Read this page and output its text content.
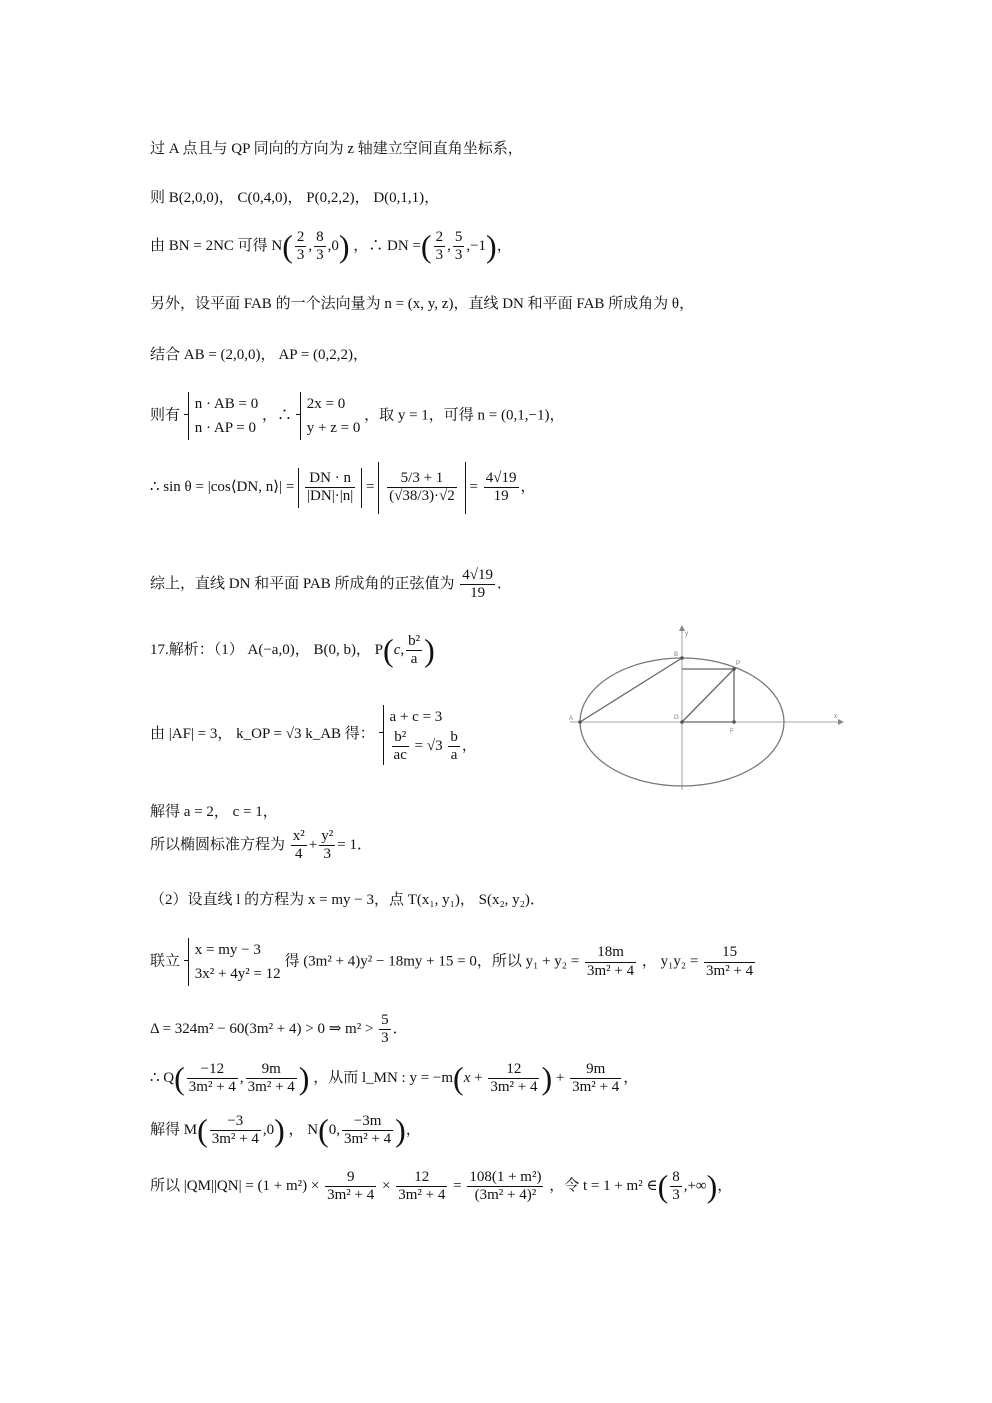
过 A 点且与 QP 同向的方向为 z 轴建立空间直角坐标系，
则 B(2,0,0)， C(0,4,0)， P(0,2,2)， D(0,1,1)，
由 BN = 2NC 可得 $N( \frac{2}{3}$ , $\frac{8}{3} ,0$) ，∴ DN =( $\frac{2}{3}$ , $\frac{5}{3} ,-1$)，
另外，设平面 FAB 的一个法向量为 n = (x, y, z)，直线 DN 和平面 FAB 所成角为 θ，
结合 AB = (2,0,0)， AP = (0,2,2)，
则有
n · AB = 0
n · AP = 0
，∴
2x = 0
y + z = 0
，取 y = 1，可得 n = (0,1,−1)，
∴ sin θ = |cos⟨DN, n⟩| = $\frac{DN \cdot n}{|DN|\cdot|n|} = \frac{5/3 + 1}{(√38/3)\cdot√2} = \frac{4√19}{19}$ ，
综上，直线 DN 和平面 PAB 所成角的正弦值为 $\frac{4√19}{19}$ ．
17.解析：（1） A(−a,0)， B(0, b)， P(c, $\frac{\text{b²}}{a}$ )
由 |AF| = 3， k_OP = √3 k_AB 得：
a + c = 3
$\frac{\text{b²}}{ac} = √3 \frac{b}{a}$ ，
解得 a = 2， c = 1，
所以椭圆标准方程为 $\frac{\text{x²}}{4} + \frac{\text{y²}}{3} = 1$．
（2）设直线 l 的方程为 x = my − 3，点 T(x₁, y₁)， S(x₂, y₂)．
联立
x = my − 3
3x² + 4y² = 12
得 (3m² + 4)y² − 18my + 15 = 0，所以 $y_1 + y_2 = \frac{18m}{\text{3m² + 4}}$ ， $y_1y_2 = \frac{15}{\text{3m² + 4}}$
Δ = 324m² − 60(3m² + 4) > 0 ⇒ $m^2 > \frac{5}{3}$ ．
∴ $Q( \frac{-12}{\text{3m² + 4}}$ , $\frac{9m}{\text{3m² + 4}}$ ) ，从而 l_MN : $y = -m(x + \frac{12}{\text{3m² + 4}}$ ) + $\frac{9m}{\text{3m² + 4}}$ ，
解得 $M( \frac{-3}{\text{3m² + 4}} ,0)$ ， N(0, $\frac{-3m}{\text{3m² + 4}}$ )，
所以 $|QM||QN| = (1 + m^2) \times \frac{9}{\text{3m² + 4}} \times \frac{12}{\text{3m² + 4}} = \frac{\text{108(1 + m²)}}{\text{(3m² + 4)²}}$ ，令 t = 1 + m² ∈( $\frac{8}{3}$ ,+∞)，
A
B
O
P
F
x
y
